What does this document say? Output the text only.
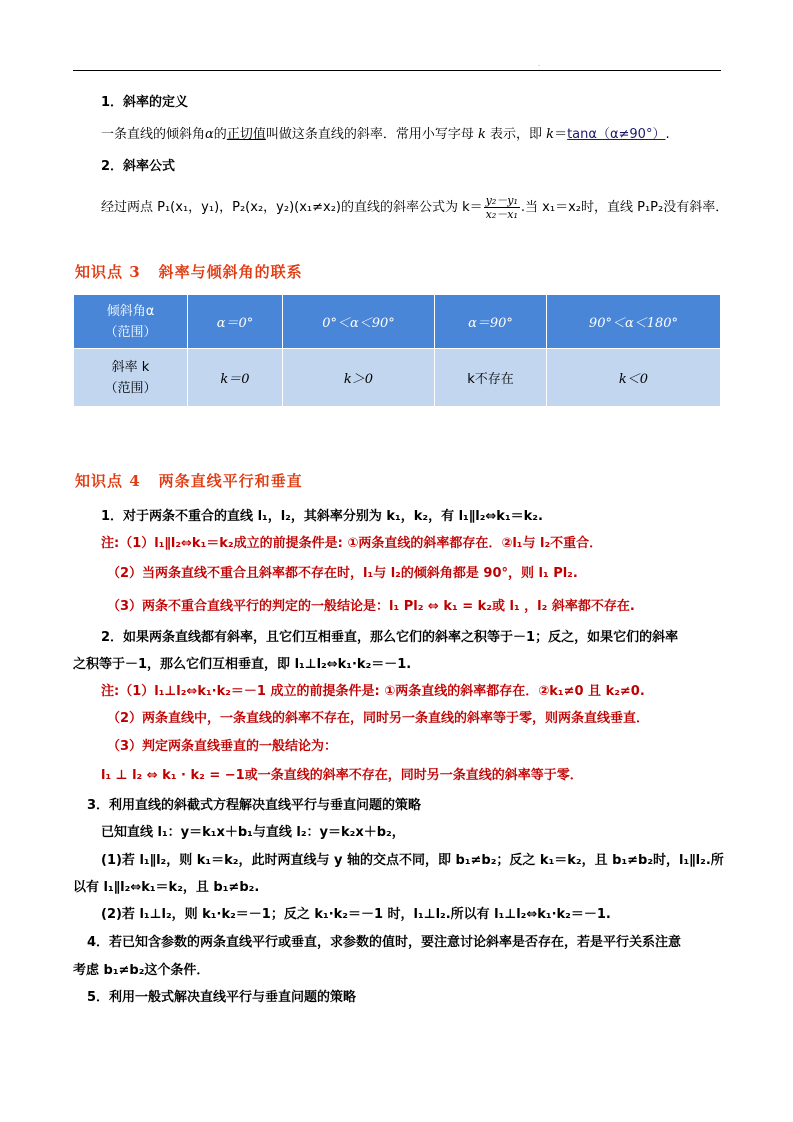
·
1．斜率的定义
一条直线的倾斜角α的正切值叫做这条直线的斜率．常用小写字母 k 表示，即 k＝tanα（α≠90°）.
2．斜率公式
经过两点 P₁(x₁，y₁)，P₂(x₂，y₂)(x₁≠x₂)的直线的斜率公式为 $k= \frac{\text{y₂－y₁}}{\text{x₂－x₁}}$ .当 x₁＝x₂时，直线 P₁P₂没有斜率．
知识点 3 斜率与倾斜角的联系
倾斜角α
（范围）	α＝0°	0°＜α＜90°	α＝90°	90°＜α＜180°

斜率 k
（范围）	k＝0	k＞0	k不存在	k＜0
知识点 4 两条直线平行和垂直
1．对于两条不重合的直线 l₁，l₂，其斜率分别为 k₁，k₂，有 l₁∥l₂⇔k₁＝k₂.
注:（1）l₁∥l₂⇔k₁＝k₂成立的前提条件是: ①两条直线的斜率都存在．②l₁与 l₂不重合．
（2）当两条直线不重合且斜率都不存在时，l₁与 l₂的倾斜角都是 90°，则 l₁ Pl₂.
（3）两条不重合直线平行的判定的一般结论是：l₁ Pl₂ ⇔ k₁ = k₂或 l₁ ，l₂ 斜率都不存在.
2．如果两条直线都有斜率，且它们互相垂直，那么它们的斜率之积等于－1；反之，如果它们的斜率
之积等于－1，那么它们互相垂直，即 l₁⊥l₂⇔k₁·k₂＝－1.
注:（1）l₁⊥l₂⇔k₁·k₂＝－1 成立的前提条件是: ①两条直线的斜率都存在．②k₁≠0 且 k₂≠0.
（2）两条直线中，一条直线的斜率不存在，同时另一条直线的斜率等于零，则两条直线垂直．
（3）判定两条直线垂直的一般结论为：
l₁ ⊥ l₂ ⇔ k₁ · k₂ = −1或一条直线的斜率不存在，同时另一条直线的斜率等于零．
3．利用直线的斜截式方程解决直线平行与垂直问题的策略
已知直线 l₁：y＝k₁x＋b₁与直线 l₂：y＝k₂x＋b₂，
(1)若 l₁∥l₂，则 k₁＝k₂，此时两直线与 y 轴的交点不同，即 b₁≠b₂；反之 k₁＝k₂，且 b₁≠b₂时，l₁∥l₂.所
以有 l₁∥l₂⇔k₁＝k₂，且 b₁≠b₂.
(2)若 l₁⊥l₂，则 k₁·k₂＝－1；反之 k₁·k₂＝－1 时，l₁⊥l₂.所以有 l₁⊥l₂⇔k₁·k₂＝－1.
4．若已知含参数的两条直线平行或垂直，求参数的值时，要注意讨论斜率是否存在，若是平行关系注意
考虑 b₁≠b₂这个条件．
5．利用一般式解决直线平行与垂直问题的策略
